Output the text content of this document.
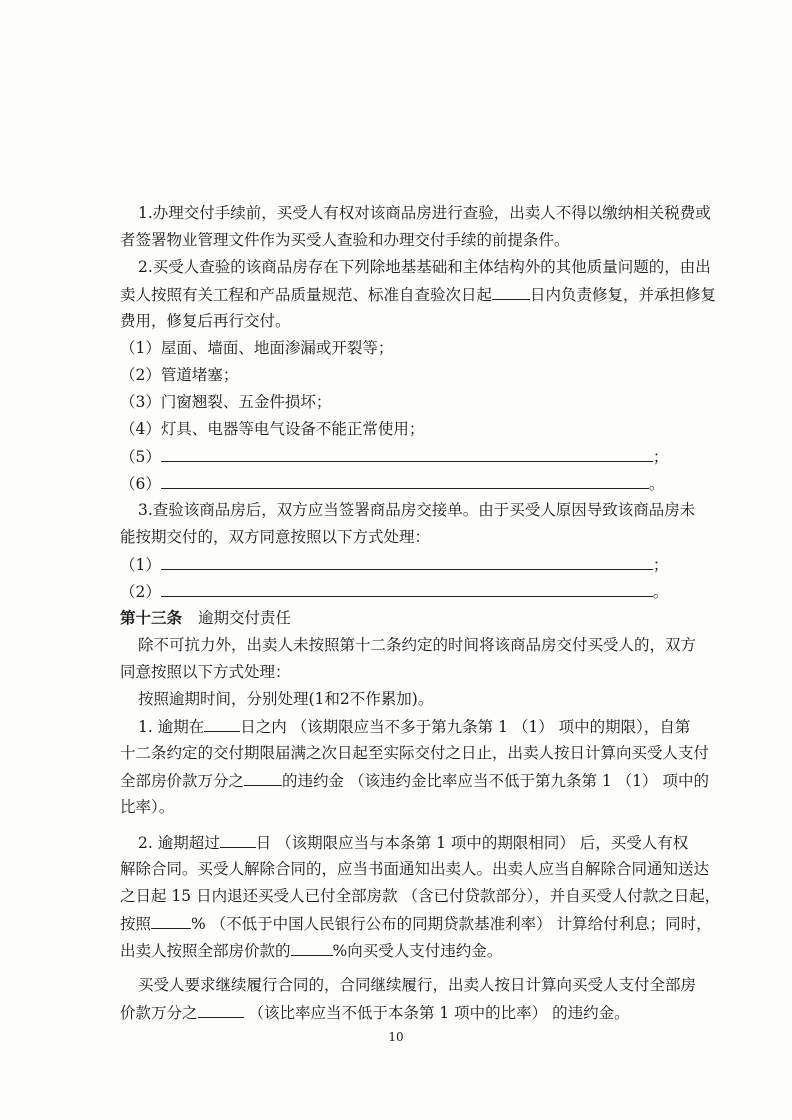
1.办理交付手续前，买受人有权对该商品房进行查验，出卖人不得以缴纳相关税费或
者签署物业管理文件作为买受人查验和办理交付手续的前提条件。
2.买受人查验的该商品房存在下列除地基基础和主体结构外的其他质量问题的，由出
卖人按照有关工程和产品质量规范、标准自查验次日起 日内负责修复，并承担修复
费用，修复后再行交付。
（1）屋面、墙面、地面渗漏或开裂等；
（2）管道堵塞；
（3）门窗翘裂、五金件损坏；
（4）灯具、电器等电气设备不能正常使用；
（5）	；
（6）	。
3.查验该商品房后，双方应当签署商品房交接单。由于买受人原因导致该商品房未
能按期交付的，双方同意按照以下方式处理：
（1）	；
（2）	。
第十三条 逾期交付责任
除不可抗力外，出卖人未按照第十二条约定的时间将该商品房交付买受人的，双方
同意按照以下方式处理：
按照逾期时间，分别处理(1和2不作累加)。
1. 逾期在 日之内 （该期限应当不多于第九条第 1 （1） 项中的期限），自第
十二条约定的交付期限届满之次日起至实际交付之日止，出卖人按日计算向买受人支付
全部房价款万分之 的违约金 （该违约金比率应当不低于第九条第 1 （1） 项中的
比率）。
2. 逾期超过 日 （该期限应当与本条第 1 项中的期限相同） 后，买受人有权
解除合同。买受人解除合同的，应当书面通知出卖人。出卖人应当自解除合同通知送达
之日起 15 日内退还买受人已付全部房款 （含已付贷款部分），并自买受人付款之日起，
按照	% （不低于中国人民银行公布的同期贷款基准利率） 计算给付利息；同时，
出卖人按照全部房价款的	%向买受人支付违约金。
买受人要求继续履行合同的，合同继续履行，出卖人按日计算向买受人支付全部房
价款万分之	（该比率应当不低于本条第 1 项中的比率） 的违约金。
10
